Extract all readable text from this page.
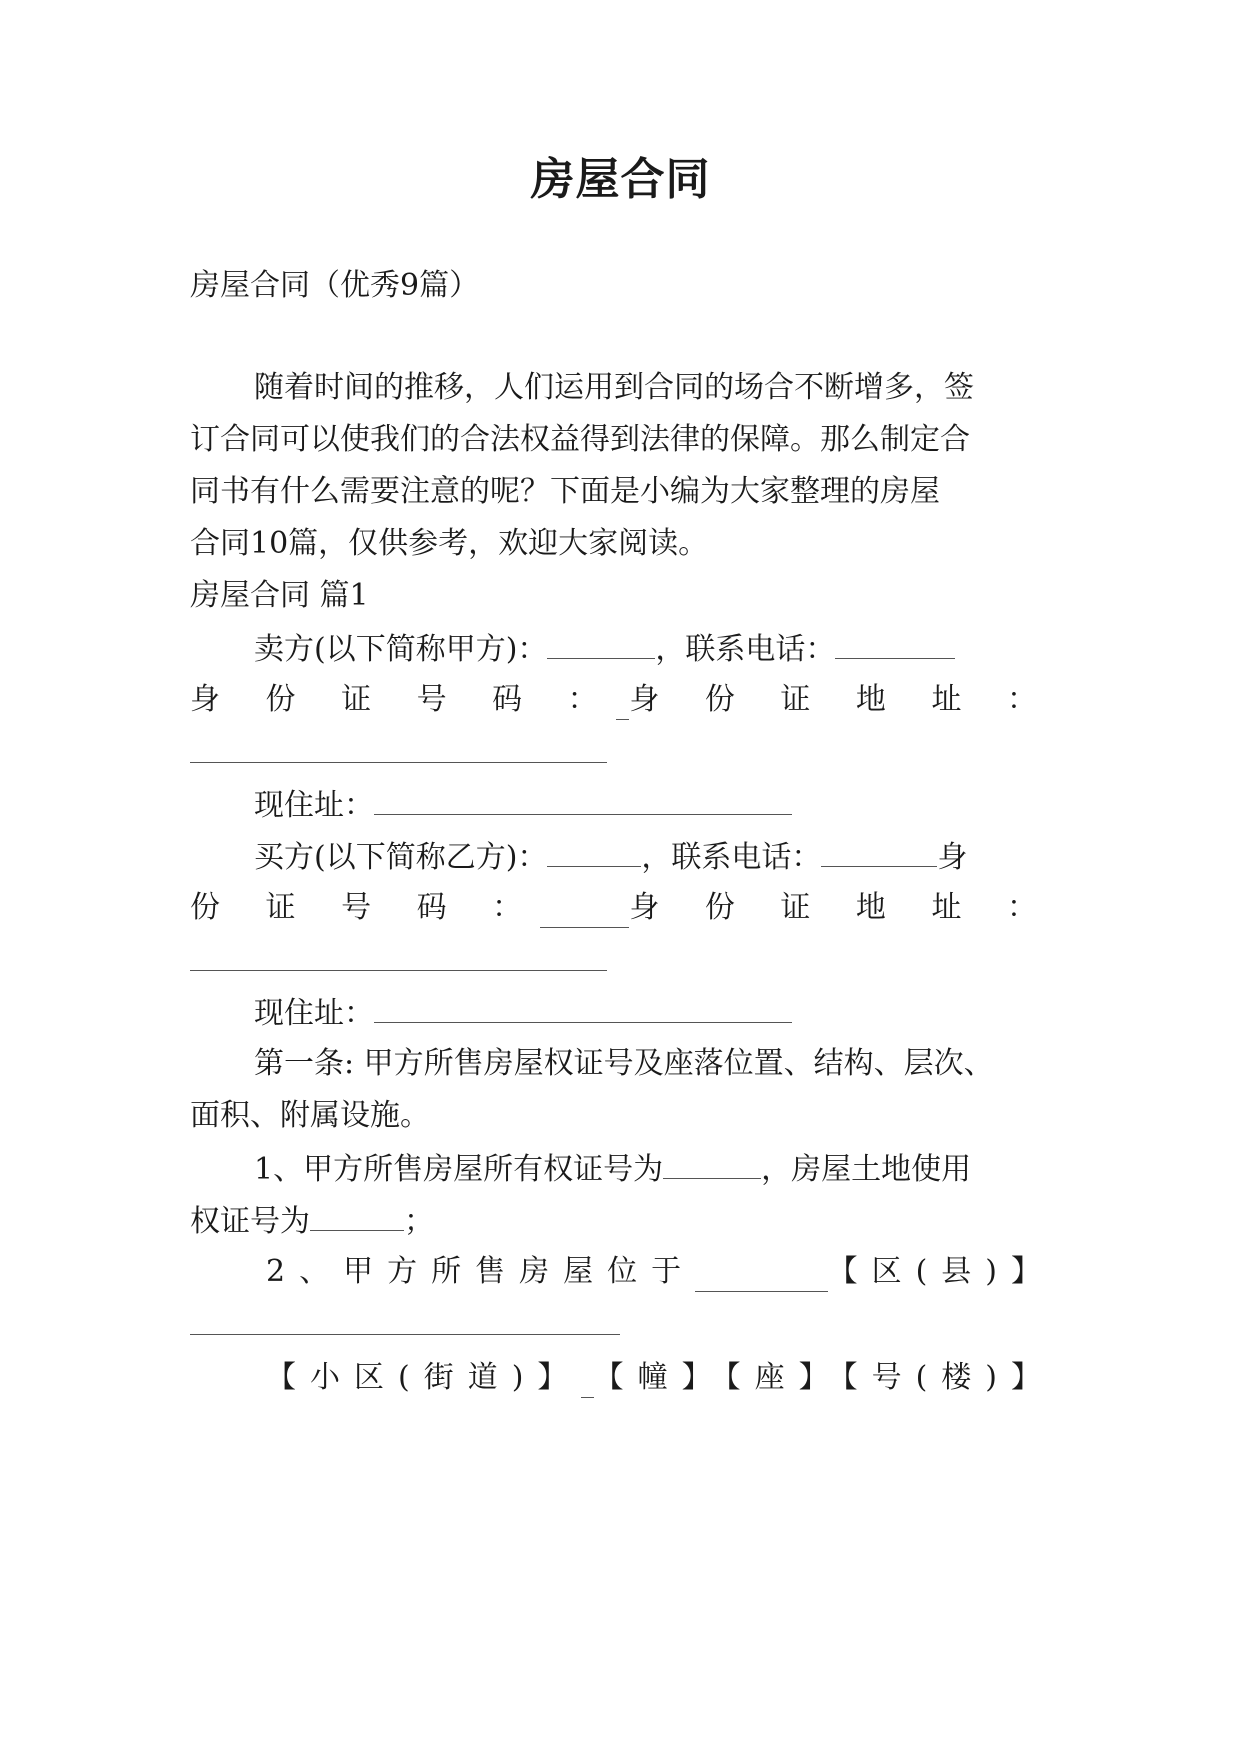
房屋合同
房屋合同（优秀9篇）
随着时间的推移，人们运用到合同的场合不断增多，签
订合同可以使我们的合法权益得到法律的保障。那么制定合
同书有什么需要注意的呢？下面是小编为大家整理的房屋
合同10篇，仅供参考，欢迎大家阅读。
房屋合同 篇1
卖方(以下简称甲方)：	，联系电话：
身 份 证 号 码 ： 身 份 证 地 址 ：
现住址：
买方(以下简称乙方)：	，联系电话：	身
份 证 号 码 ：	身 份 证 地 址 ：
现住址：
第一条: 甲方所售房屋权证号及座落位置、结构、层次、
面积、附属设施。
1、甲方所售房屋所有权证号为	，房屋土地使用
权证号为	；
2、甲方所售房屋位于	【区(县)】
【小区(街道)】 【幢】【座】【号(楼)】
